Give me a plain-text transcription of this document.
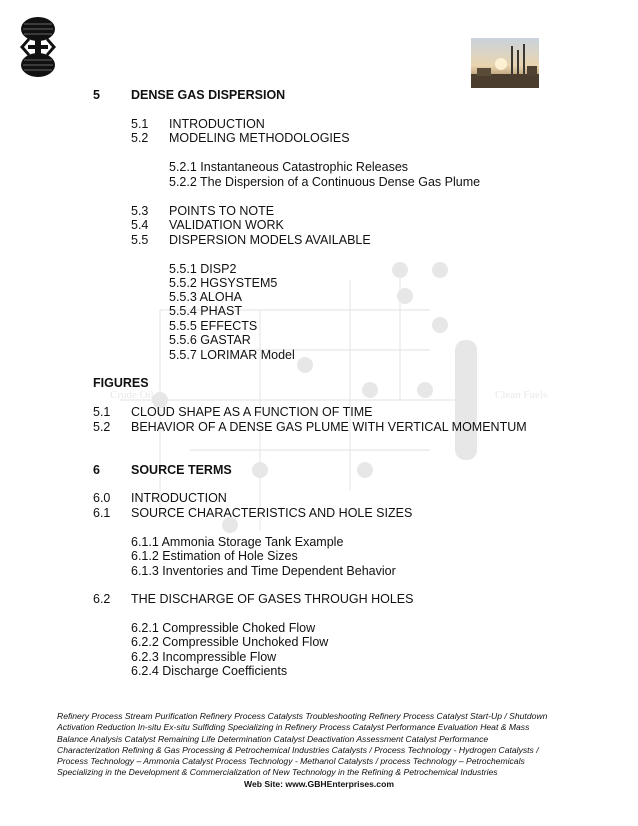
Crude Oil	Clean Fuels
5 DENSE GAS DISPERSION
5.1 INTRODUCTION
5.2 MODELING METHODOLOGIES
5.2.1 Instantaneous Catastrophic Releases
5.2.2 The Dispersion of a Continuous Dense Gas Plume
5.3 POINTS TO NOTE
5.4 VALIDATION WORK
5.5 DISPERSION MODELS AVAILABLE
5.5.1 DISP2
5.5.2 HGSYSTEM5
5.5.3 ALOHA
5.5.4 PHAST
5.5.5 EFFECTS
5.5.6 GASTAR
5.5.7 LORIMAR Model
FIGURES
5.1 CLOUD SHAPE AS A FUNCTION OF TIME
5.2 BEHAVIOR OF A DENSE GAS PLUME WITH VERTICAL MOMENTUM
6 SOURCE TERMS
6.0 INTRODUCTION
6.1 SOURCE CHARACTERISTICS AND HOLE SIZES
6.1.1 Ammonia Storage Tank Example
6.1.2 Estimation of Hole Sizes
6.1.3 Inventories and Time Dependent Behavior
6.2 THE DISCHARGE OF GASES THROUGH HOLES
6.2.1 Compressible Choked Flow
6.2.2 Compressible Unchoked Flow
6.2.3 Incompressible Flow
6.2.4 Discharge Coefficients
Refinery Process Stream Purification Refinery Process Catalysts Troubleshooting Refinery Process Catalyst Start-Up / Shutdown
Activation Reduction In-situ Ex-situ Sulfiding Specializing in Refinery Process Catalyst Performance Evaluation Heat & Mass
Balance Analysis Catalyst Remaining Life Determination Catalyst Deactivation Assessment Catalyst Performance
Characterization Refining & Gas Processing & Petrochemical Industries Catalysts / Process Technology - Hydrogen Catalysts /
Process Technology – Ammonia Catalyst Process Technology - Methanol Catalysts / process Technology – Petrochemicals
Specializing in the Development & Commercialization of New Technology in the Refining & Petrochemical Industries
Web Site: www.GBHEnterprises.com
